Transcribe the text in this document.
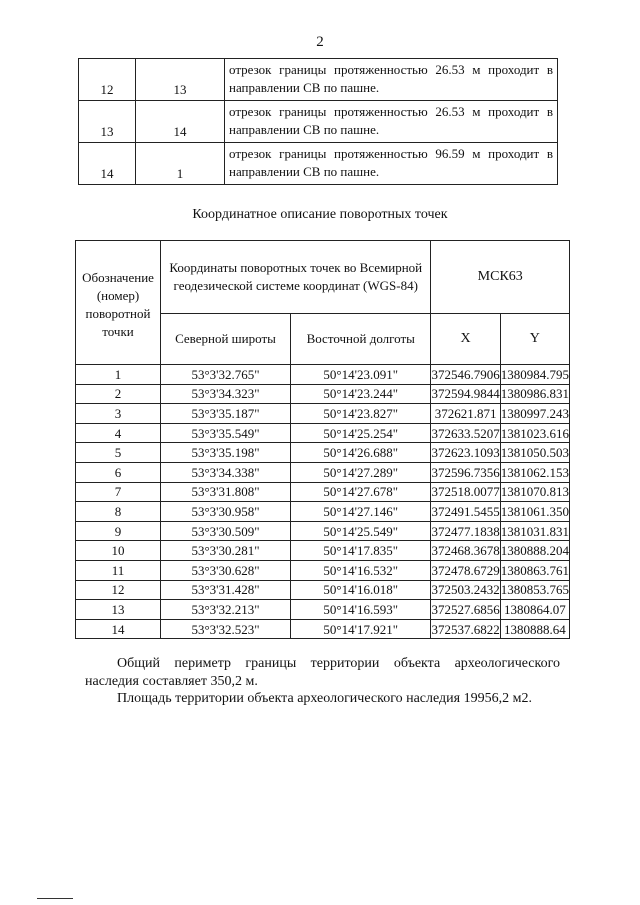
2
12	13	отрезок границы протяженностью 26.53 м проходит в направлении СВ по пашне.
13	14	отрезок границы протяженностью 26.53 м проходит в направлении СВ по пашне.
14	1	отрезок границы протяженностью 96.59 м проходит в направлении СВ по пашне.
Координатное описание поворотных точек
Обозначение (номер) поворотной точки	Координаты поворотных точек во Всемирной геодезической системе координат (WGS-84)		МСК63	
	Северной широты	Восточной долготы	X	Y
1	53°3'32.765"	50°14'23.091"	372546.7906	1380984.795
2	53°3'34.323"	50°14'23.244"	372594.9844	1380986.831
3	53°3'35.187"	50°14'23.827"	372621.871	1380997.243
4	53°3'35.549"	50°14'25.254"	372633.5207	1381023.616
5	53°3'35.198"	50°14'26.688"	372623.1093	1381050.503
6	53°3'34.338"	50°14'27.289"	372596.7356	1381062.153
7	53°3'31.808"	50°14'27.678"	372518.0077	1381070.813
8	53°3'30.958"	50°14'27.146"	372491.5455	1381061.350
9	53°3'30.509"	50°14'25.549"	372477.1838	1381031.831
10	53°3'30.281"	50°14'17.835"	372468.3678	1380888.204
11	53°3'30.628"	50°14'16.532"	372478.6729	1380863.761
12	53°3'31.428"	50°14'16.018"	372503.2432	1380853.765
13	53°3'32.213"	50°14'16.593"	372527.6856	1380864.07
14	53°3'32.523"	50°14'17.921"	372537.6822	1380888.64
Общий периметр границы территории объекта археологического наследия составляет 350,2 м.
Площадь территории объекта археологического наследия 19956,2 м2.
